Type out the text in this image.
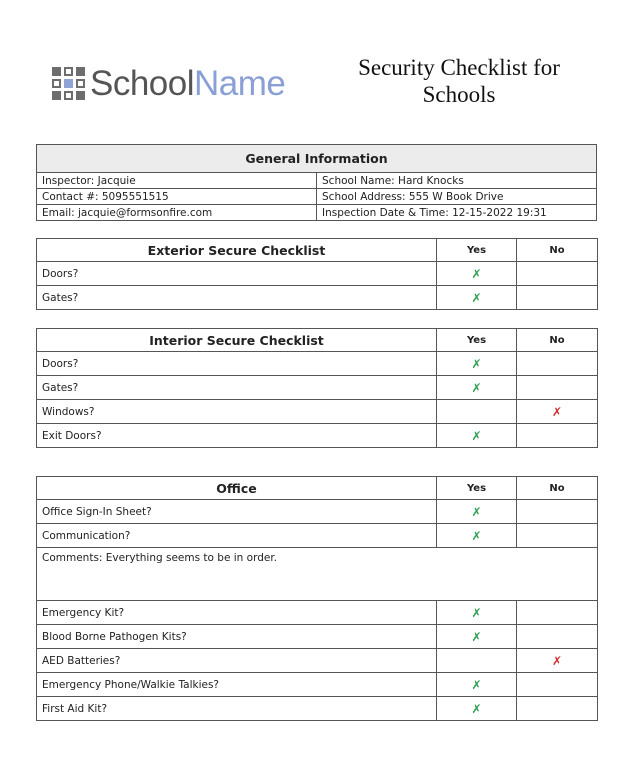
SchoolName	Security Checklist for
Schools
General Information	
Inspector: Jacquie	School Name: Hard Knocks
Contact #: 5095551515	School Address: 555 W Book Drive
Email: jacquie@formsonfire.com	Inspection Date & Time: 12-15-2022 19:31
Exterior Secure Checklist	Yes	No
Doors?	✗	
Gates?	✗	
Interior Secure Checklist	Yes	No
Doors?	✗	
Gates?	✗	
Windows?		✗
Exit Doors?	✗	
Office	Yes	No
Office Sign-In Sheet?	✗	
Communication?	✗	
Comments: Everything seems to be in order.		
Emergency Kit?	✗	
Blood Borne Pathogen Kits?	✗	
AED Batteries?		✗
Emergency Phone/Walkie Talkies?	✗	
First Aid Kit?	✗	
